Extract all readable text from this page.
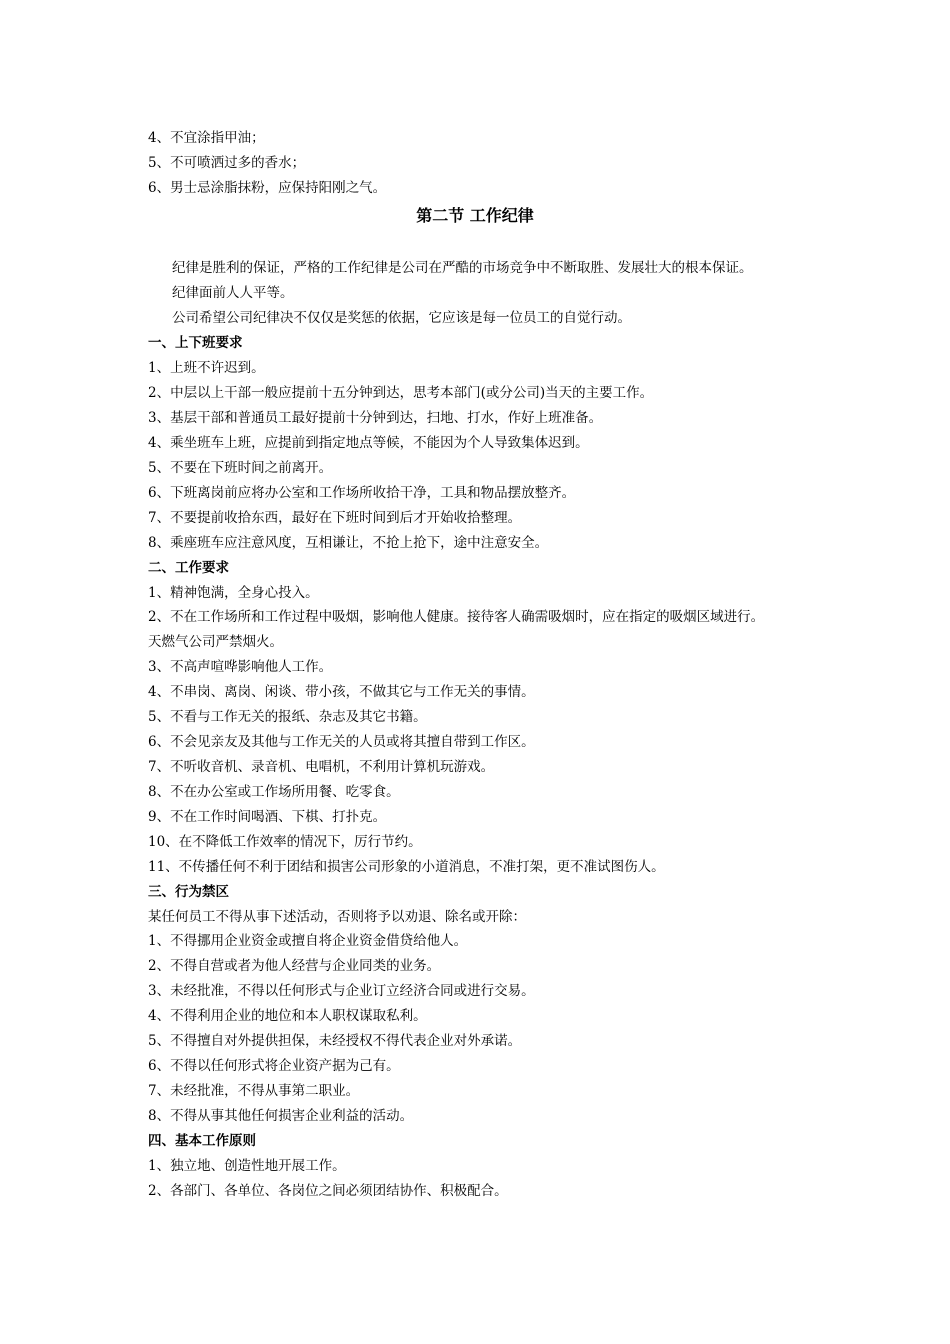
4、不宜涂指甲油；
5、不可喷洒过多的香水；
6、男士忌涂脂抹粉，应保持阳刚之气。
第二节 工作纪律
纪律是胜利的保证，严格的工作纪律是公司在严酷的市场竞争中不断取胜、发展壮大的根本保证。
纪律面前人人平等。
公司希望公司纪律决不仅仅是奖惩的依据，它应该是每一位员工的自觉行动。
一、上下班要求
1、上班不许迟到。
2、中层以上干部一般应提前十五分钟到达，思考本部门(或分公司)当天的主要工作。
3、基层干部和普通员工最好提前十分钟到达，扫地、打水，作好上班准备。
4、乘坐班车上班，应提前到指定地点等候，不能因为个人导致集体迟到。
5、不要在下班时间之前离开。
6、下班离岗前应将办公室和工作场所收拾干净，工具和物品摆放整齐。
7、不要提前收拾东西，最好在下班时间到后才开始收拾整理。
8、乘座班车应注意风度，互相谦让，不抢上抢下，途中注意安全。
二、工作要求
1、精神饱满，全身心投入。
2、不在工作场所和工作过程中吸烟，影响他人健康。接待客人确需吸烟时，应在指定的吸烟区域进行。
天燃气公司严禁烟火。
3、不高声喧哗影响他人工作。
4、不串岗、离岗、闲谈、带小孩，不做其它与工作无关的事情。
5、不看与工作无关的报纸、杂志及其它书籍。
6、不会见亲友及其他与工作无关的人员或将其擅自带到工作区。
7、不听收音机、录音机、电唱机，不利用计算机玩游戏。
8、不在办公室或工作场所用餐、吃零食。
9、不在工作时间喝酒、下棋、打扑克。
10、在不降低工作效率的情况下，厉行节约。
11、不传播任何不利于团结和损害公司形象的小道消息，不准打架，更不准试图伤人。
三、行为禁区
某任何员工不得从事下述活动，否则将予以劝退、除名或开除：
1、不得挪用企业资金或擅自将企业资金借贷给他人。
2、不得自营或者为他人经营与企业同类的业务。
3、未经批准，不得以任何形式与企业订立经济合同或进行交易。
4、不得利用企业的地位和本人职权谋取私利。
5、不得擅自对外提供担保，未经授权不得代表企业对外承诺。
6、不得以任何形式将企业资产据为己有。
7、未经批准，不得从事第二职业。
8、不得从事其他任何损害企业利益的活动。
四、基本工作原则
1、独立地、创造性地开展工作。
2、各部门、各单位、各岗位之间必须团结协作、积极配合。
